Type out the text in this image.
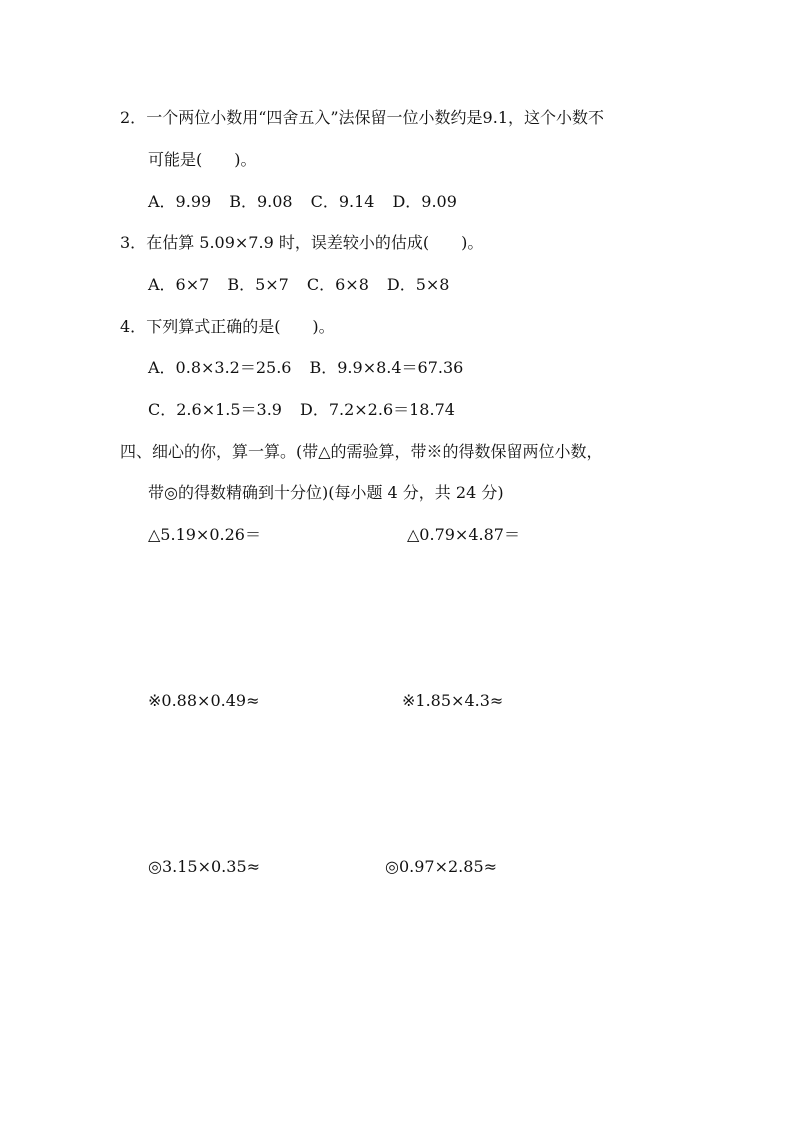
2．一个两位小数用“四舍五入”法保留一位小数约是9.1，这个小数不
可能是(　　)。
A．9.99 B．9.08 C．9.14 D．9.09
3．在估算 5.09×7.9 时，误差较小的估成(　　)。
A．6×7 B．5×7 C．6×8 D．5×8
4．下列算式正确的是(　　)。
A．0.8×3.2＝25.6 B．9.9×8.4＝67.36
C．2.6×1.5＝3.9 D．7.2×2.6＝18.74
四、细心的你，算一算。(带△的需验算，带※的得数保留两位小数，
带◎的得数精确到十分位)(每小题 4 分，共 24 分)
△5.19×0.26＝	△0.79×4.87＝
※0.88×0.49≈	※1.85×4.3≈
◎3.15×0.35≈	◎0.97×2.85≈
